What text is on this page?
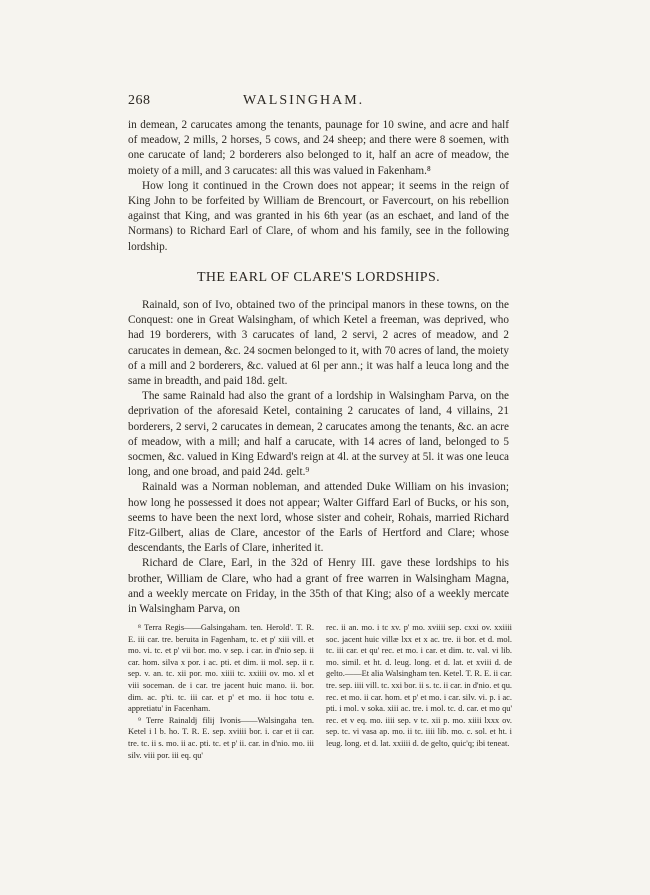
268	WALSINGHAM.

in demean, 2 carucates among the tenants, paunage for 10 swine, and acre and half of meadow, 2 mills, 2 horses, 5 cows, and 24 sheep; and there were 8 soemen, with one carucate of land; 2 borderers also belonged to it, half an acre of meadow, the moiety of a mill, and 3 carucates: all this was valued in Fakenham.⁸

How long it continued in the Crown does not appear; it seems in the reign of King John to be forfeited by William de Brencourt, or Favercourt, on his rebellion against that King, and was granted in his 6th year (as an eschaet, and land of the Normans) to Richard Earl of Clare, of whom and his family, see in the following lordship.

THE EARL OF CLARE'S LORDSHIPS.

Rainald, son of Ivo, obtained two of the principal manors in these towns, on the Conquest: one in Great Walsingham, of which Ketel a freeman, was deprived, who had 19 borderers, with 3 carucates of land, 2 servi, 2 acres of meadow, and 2 carucates in demean, &c. 24 socmen belonged to it, with 70 acres of land, the moiety of a mill and 2 borderers, &c. valued at 6l per ann.; it was half a leuca long and the same in breadth, and paid 18d. gelt.

The same Rainald had also the grant of a lordship in Walsingham Parva, on the deprivation of the aforesaid Ketel, containing 2 carucates of land, 4 villains, 21 borderers, 2 servi, 2 carucates in demean, 2 carucates among the tenants, &c. an acre of meadow, with a mill; and half a carucate, with 14 acres of land, belonged to 5 socmen, &c. valued in King Edward's reign at 4l. at the survey at 5l. it was one leuca long, and one broad, and paid 24d. gelt.⁹

Rainald was a Norman nobleman, and attended Duke William on his invasion; how long he possessed it does not appear; Walter Giffard Earl of Bucks, or his son, seems to have been the next lord, whose sister and coheir, Rohais, married Richard Fitz-Gilbert, alias de Clare, ancestor of the Earls of Hertford and Clare; whose descendants, the Earls of Clare, inherited it.

Richard de Clare, Earl, in the 32d of Henry III. gave these lordships to his brother, William de Clare, who had a grant of free warren in Walsingham Magna, and a weekly mercate on Friday, in the 35th of that King; also of a weekly mercate in Walsingham Parva, on

⁸ Terra Regis——Galsingaham. ten. Herold'. T. R. E. iii car. tre. beruita in Fagenham, tc. et p' xiii vill. et mo. vi. tc. et p' vii bor. mo. v sep. i car. in d'nio sep. ii car. hom. silva x por. i ac. pti. et dim. ii mol. sep. ii r. sep. v. an. tc. xii por. mo. xiiii tc. xxiiii ov. mo. xl et viii soceman. de i car. tre jacent huic mano. ii. bor. dim. ac. p'ti. tc. iii car. et p' et mo. ii hoc totu e. appretiatu' in Facenham.

⁹ Terre Rainaldj filij Ivonis——Walsingaha ten. Ketel i l b. ho. T. R. E. sep. xviiii bor. i. car et ii car. tre. tc. ii s. mo. ii ac. pti. tc. et p' ii. car. in d'nio. mo. iii silv. viii por. iii eq. qu'

rec. ii an. mo. i tc xv. p' mo. xviiii sep. cxxi ov. xxiiii soc. jacent huic villæ lxx et x ac. tre. ii bor. et d. mol. tc. iii car. et qu' rec. et mo. i car. et dim. tc. val. vi lib. mo. simil. et ht. d. leug. long. et d. lat. et xviii d. de gelto.——Et alia Walsingham ten. Ketel. T. R. E. ii car. tre. sep. iiii vill. tc. xxi bor. ii s. tc. ii car. in d'nio. et qu. rec. et mo. ii car. hom. et p' et mo. i car. silv. vi. p. i ac. pti. i mol. v soka. xiii ac. tre. i mol. tc. d. car. et mo qu' rec. et v eq. mo. iiii sep. v tc. xii p. mo. xiiii lxxx ov. sep. tc. vi vasa ap. mo. ii tc. iiii lib. mo. c. sol. et ht. i leug. long. et d. lat. xxiiii d. de gelto, quic'q; ibi teneat.
